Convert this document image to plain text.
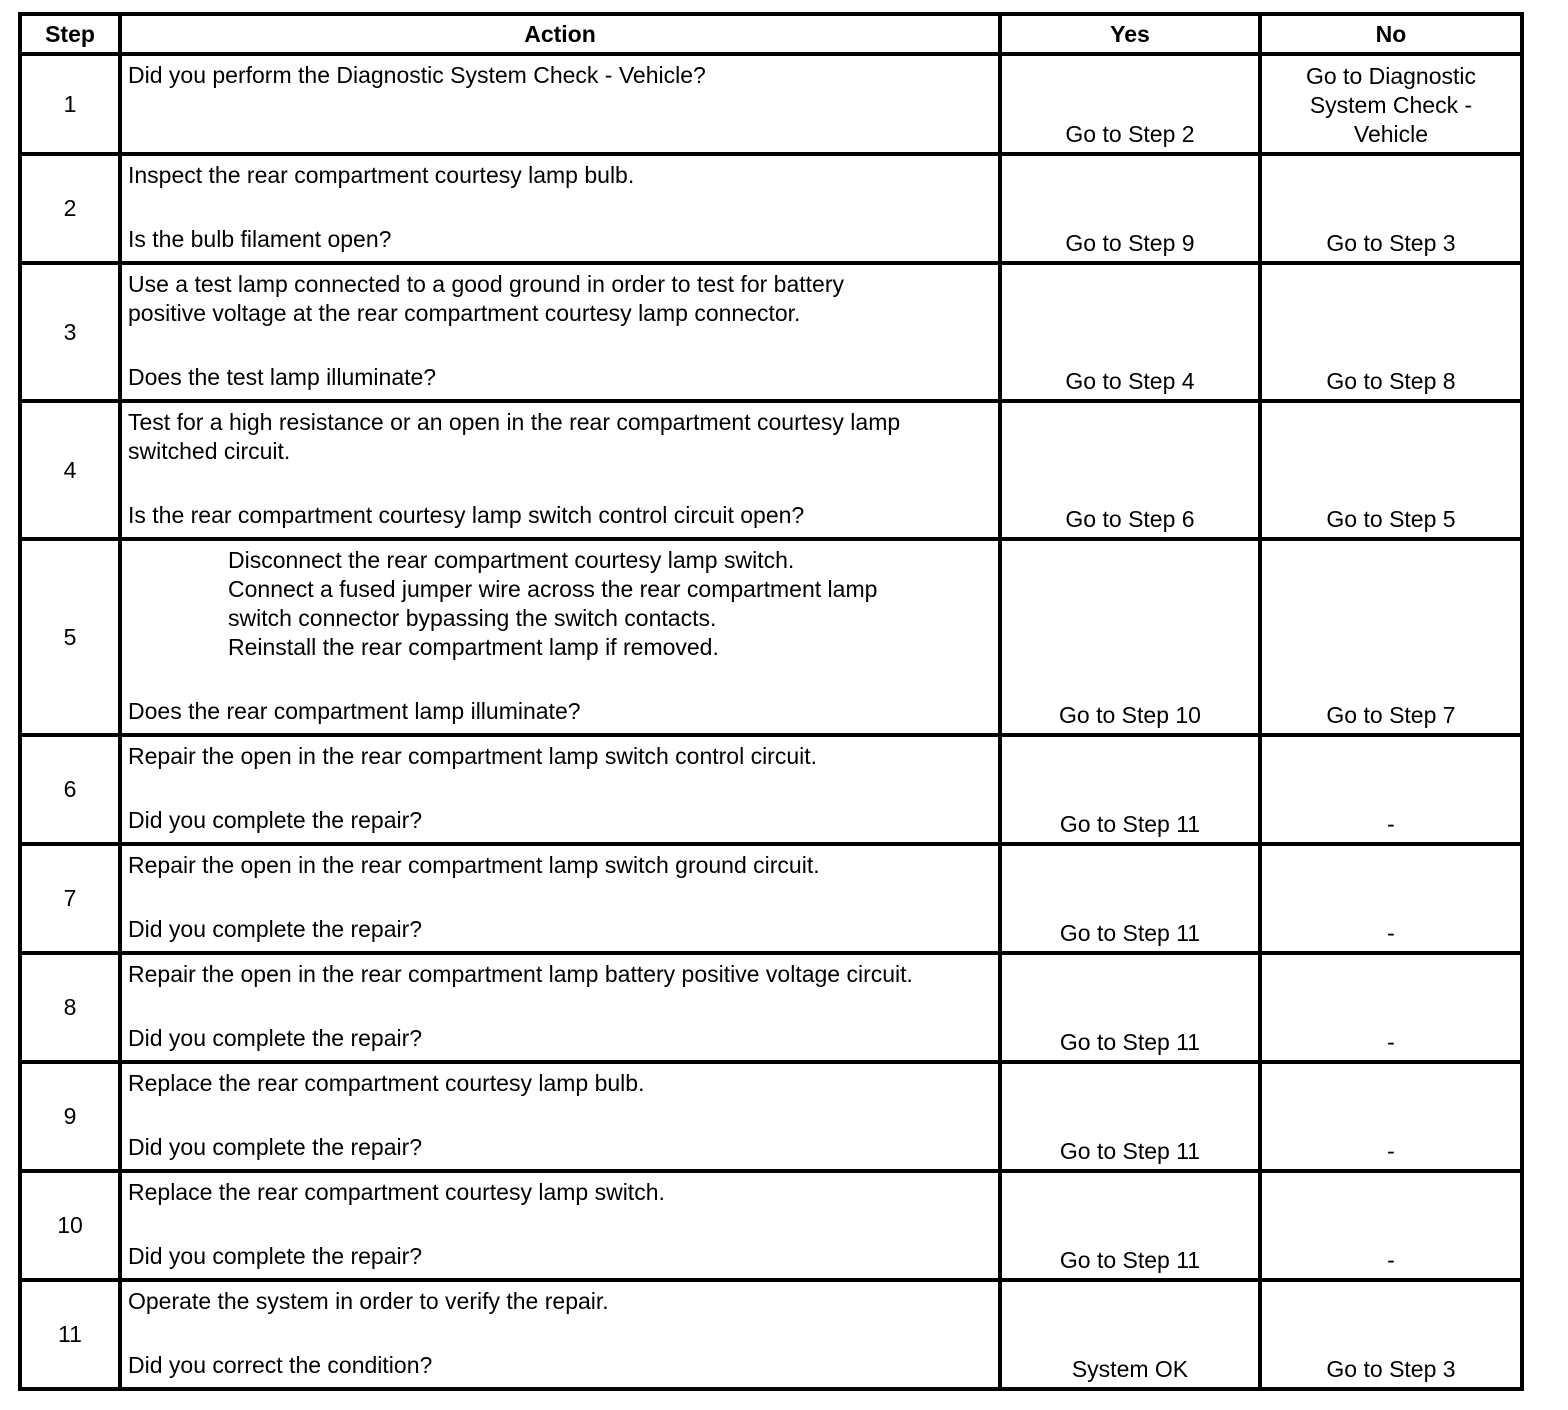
Step	Action	Yes	No
1	Did you perform the Diagnostic System Check - Vehicle?	Go to Step 2	Go to Diagnostic
System Check -
Vehicle

2	Inspect the rear compartment courtesy lamp bulb.
Is the bulb filament open?	Go to Step 9	Go to Step 3

3	Use a test lamp connected to a good ground in order to test for battery
positive voltage at the rear compartment courtesy lamp connector.
Does the test lamp illuminate?	Go to Step 4	Go to Step 8

4	Test for a high resistance or an open in the rear compartment courtesy lamp
switched circuit.
Is the rear compartment courtesy lamp switch control circuit open?	Go to Step 6	Go to Step 5

5	Disconnect the rear compartment courtesy lamp switch.
Connect a fused jumper wire across the rear compartment lamp
switch connector bypassing the switch contacts.
Reinstall the rear compartment lamp if removed.
Does the rear compartment lamp illuminate?	Go to Step 10	Go to Step 7

6	Repair the open in the rear compartment lamp switch control circuit.
Did you complete the repair?	Go to Step 11	-

7	Repair the open in the rear compartment lamp switch ground circuit.
Did you complete the repair?	Go to Step 11	-

8	Repair the open in the rear compartment lamp battery positive voltage circuit.
Did you complete the repair?	Go to Step 11	-

9	Replace the rear compartment courtesy lamp bulb.
Did you complete the repair?	Go to Step 11	-

10	Replace the rear compartment courtesy lamp switch.
Did you complete the repair?	Go to Step 11	-

11	Operate the system in order to verify the repair.
Did you correct the condition?	System OK	Go to Step 3
